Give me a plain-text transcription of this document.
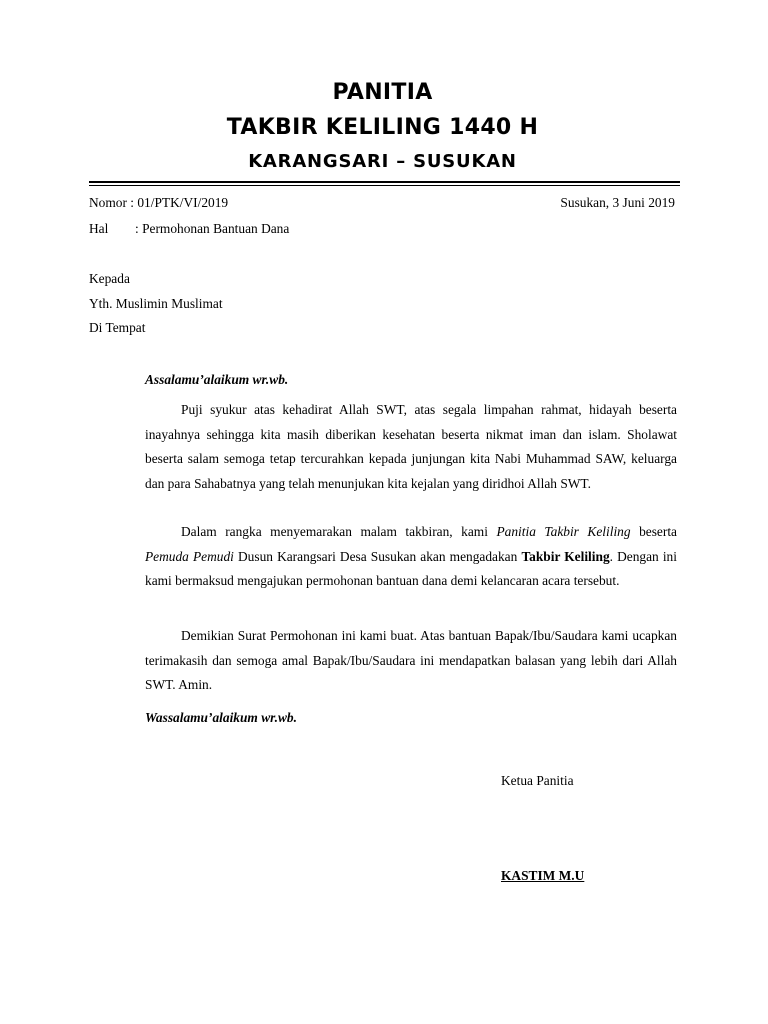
PANITIA
TAKBIR KELILING 1440 H
KARANGSARI – SUSUKAN
Nomor : 01/PTK/VI/2019	Susukan, 3 Juni 2019
Hal : Permohonan Bantuan Dana
Kepada
Yth. Muslimin Muslimat
Di Tempat
Assalamu’alaikum wr.wb.
Puji syukur atas kehadirat Allah SWT, atas segala limpahan rahmat, hidayah beserta inayahnya sehingga kita masih diberikan kesehatan beserta nikmat iman dan islam. Sholawat beserta salam semoga tetap tercurahkan kepada junjungan kita Nabi Muhammad SAW, keluarga dan para Sahabatnya yang telah menunjukan kita kejalan yang diridhoi Allah SWT.
Dalam rangka menyemarakan malam takbiran, kami Panitia Takbir Keliling beserta Pemuda Pemudi Dusun Karangsari Desa Susukan akan mengadakan Takbir Keliling. Dengan ini kami bermaksud mengajukan permohonan bantuan dana demi kelancaran acara tersebut.
Demikian Surat Permohonan ini kami buat. Atas bantuan Bapak/Ibu/Saudara kami ucapkan terimakasih dan semoga amal Bapak/Ibu/Saudara ini mendapatkan balasan yang lebih dari Allah SWT. Amin.
Wassalamu’alaikum wr.wb.
Ketua Panitia
KASTIM M.U
